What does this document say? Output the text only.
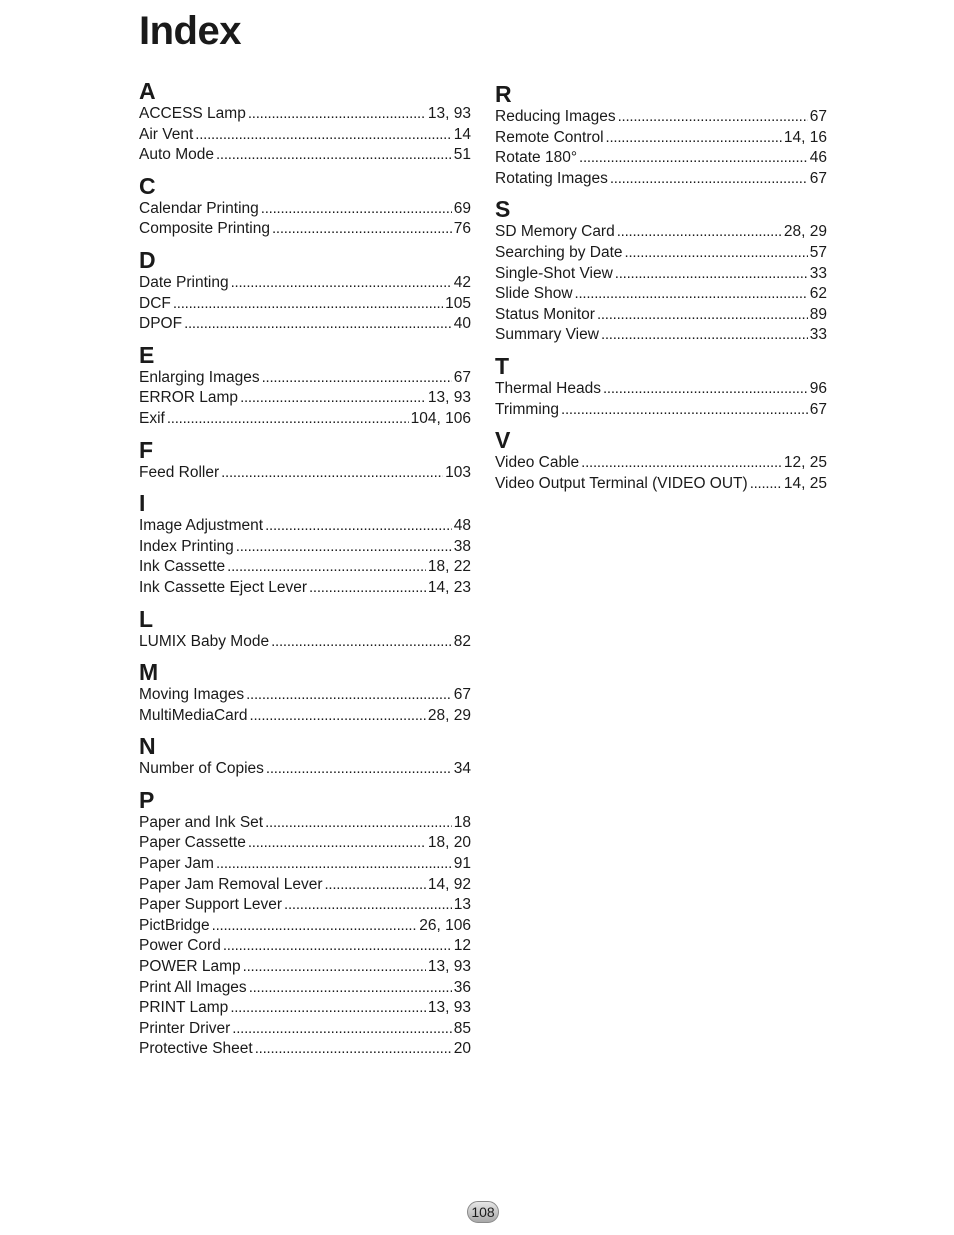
Index
A
ACCESS Lamp . . .	13, 93
Air Vent . . .	14
Auto Mode . . .	51
C
Calendar Printing . . .	69
Composite Printing . . .	76
D
Date Printing . . .	42
DCF . . .	105
DPOF . . .	40
E
Enlarging Images . . .	67
ERROR Lamp . . .	13, 93
Exif . . .	104, 106
F
Feed Roller . . .	103
I
Image Adjustment . . .	48
Index Printing . . .	38
Ink Cassette . . .	18, 22
Ink Cassette Eject Lever . . .	14, 23
L
LUMIX Baby Mode . . .	82
M
Moving Images . . .	67
MultiMediaCard . . .	28, 29
N
Number of Copies . . .	34
P
Paper and Ink Set . . .	18
Paper Cassette . . .	18, 20
Paper Jam . . .	91
Paper Jam Removal Lever . . .	14, 92
Paper Support Lever . . .	13
PictBridge . . .	26, 106
Power Cord . . .	12
POWER Lamp . . .	13, 93
Print All Images . . .	36
PRINT Lamp . . .	13, 93
Printer Driver . . .	85
Protective Sheet . . .	20
R
Reducing Images . . .	67
Remote Control . . .	14, 16
Rotate 180° . . .	46
Rotating Images . . .	67
S
SD Memory Card . . .	28, 29
Searching by Date . . .	57
Single-Shot View . . .	33
Slide Show . . .	62
Status Monitor . . .	89
Summary View . . .	33
T
Thermal Heads . . .	96
Trimming . . .	67
V
Video Cable . . .	12, 25
Video Output Terminal (VIDEO OUT) . . . 14, 25
108
